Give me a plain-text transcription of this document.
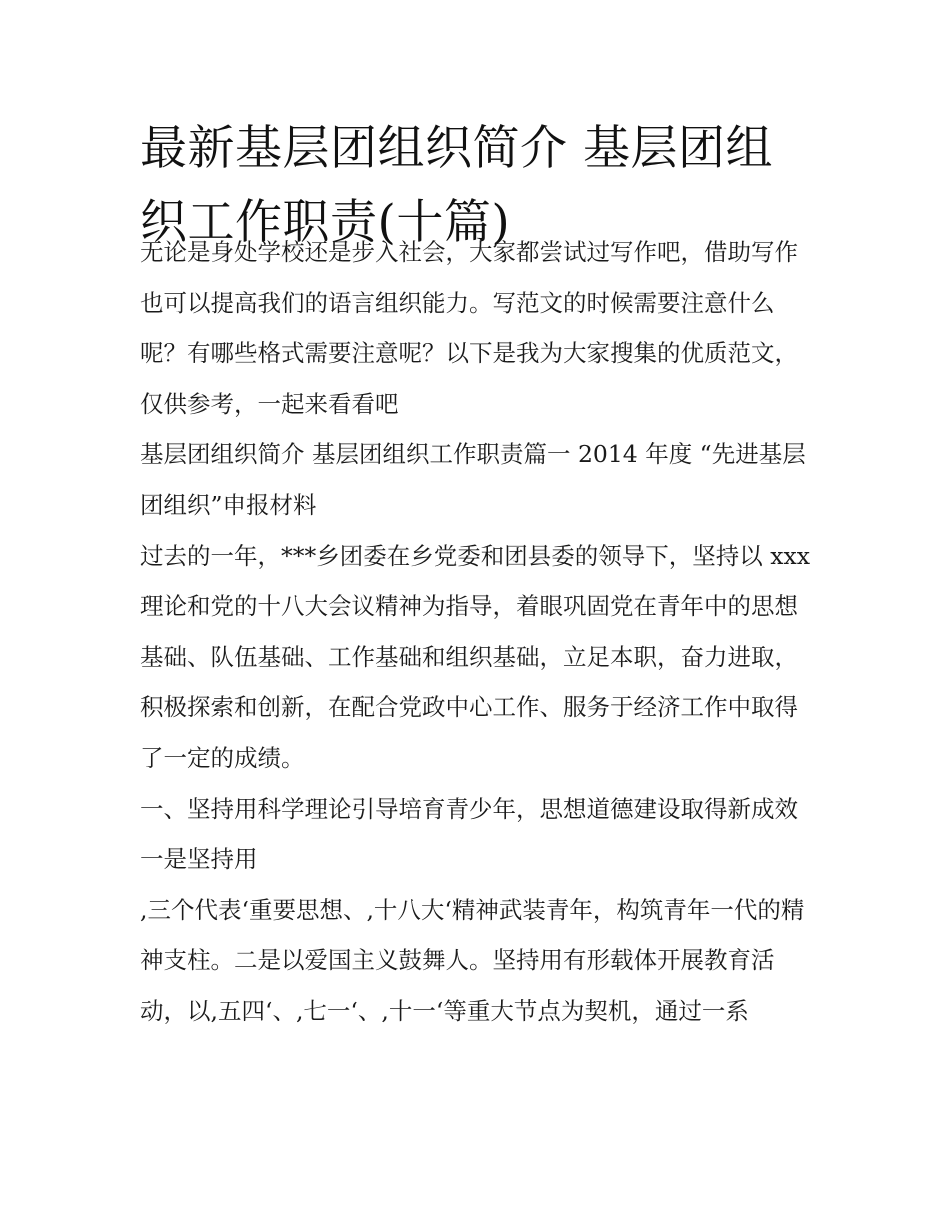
最新基层团组织简介 基层团组织工作职责(十篇)

无论是身处学校还是步入社会，大家都尝试过写作吧，借助写作也可以提高我们的语言组织能力。写范文的时候需要注意什么呢？有哪些格式需要注意呢？以下是我为大家搜集的优质范文，仅供参考，一起来看看吧

基层团组织简介 基层团组织工作职责篇一 2014 年度 “先进基层团组织”申报材料

过去的一年，***乡团委在乡党委和团县委的领导下，坚持以 xxx 理论和党的十八大会议精神为指导，着眼巩固党在青年中的思想基础、队伍基础、工作基础和组织基础，立足本职，奋力进取，积极探索和创新，在配合党政中心工作、服务于经济工作中取得了一定的成绩。

一、坚持用科学理论引导培育青少年，思想道德建设取得新成效 一是坚持用

,三个代表‘重要思想、,十八大‘精神武装青年，构筑青年一代的精神支柱。二是以爱国主义鼓舞人。坚持用有形载体开展教育活动，以,五四‘、,七一‘、,十一‘等重大节点为契机，通过一系
